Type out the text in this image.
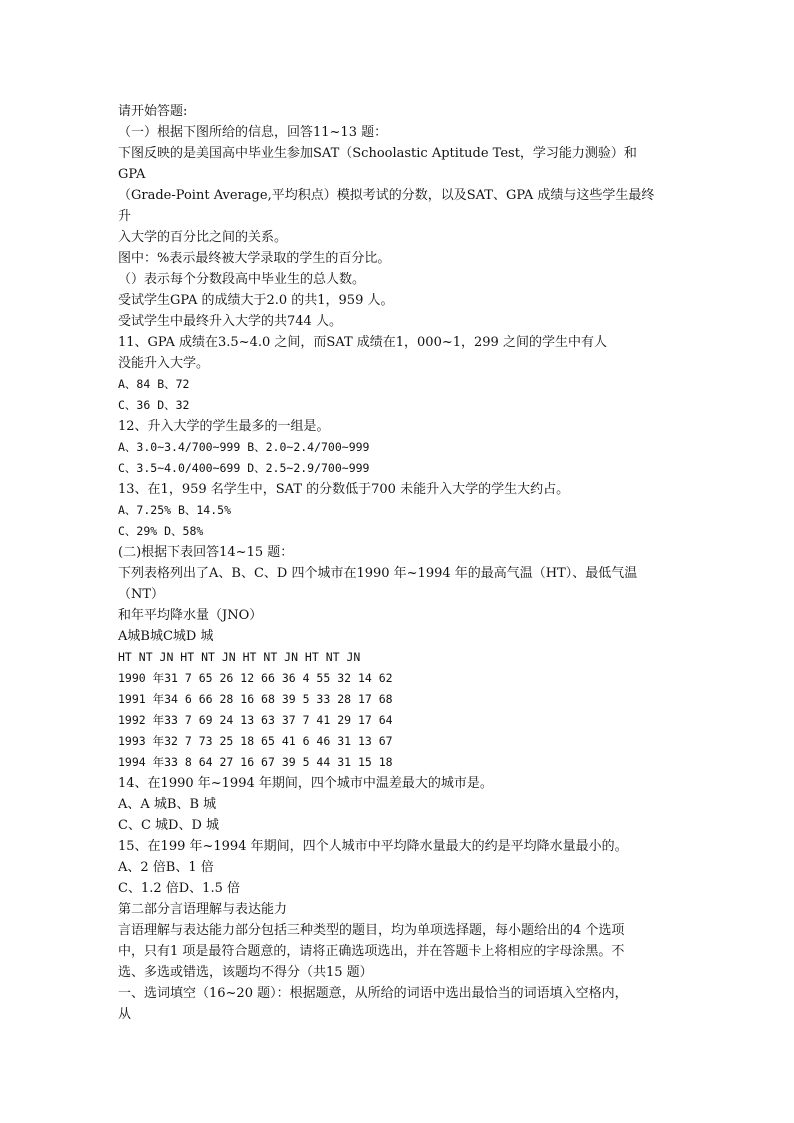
请开始答题:
（一）根据下图所给的信息，回答11~13 题：
下图反映的是美国高中毕业生参加SAT（Schoolastic Aptitude Test，学习能力测验）和
GPA
（Grade-Point Average,平均积点）模拟考试的分数，以及SAT、GPA 成绩与这些学生最终
升
入大学的百分比之间的关系。
图中：%表示最终被大学录取的学生的百分比。
（）表示每个分数段高中毕业生的总人数。
受试学生GPA 的成绩大于2.0 的共1，959 人。
受试学生中最终升入大学的共744 人。
11、GPA 成绩在3.5~4.0 之间，而SAT 成绩在1，000~1，299 之间的学生中有人
没能升入大学。
A、84 B、72
C、36 D、32
12、升入大学的学生最多的一组是。
A、3.0~3.4/700~999 B、2.0~2.4/700~999
C、3.5~4.0/400~699 D、2.5~2.9/700~999
13、在1，959 名学生中，SAT 的分数低于700 未能升入大学的学生大约占。
A、7.25% B、14.5%
C、29% D、58%
(二)根据下表回答14~15 题：
下列表格列出了A、B、C、D 四个城市在1990 年~1994 年的最高气温（HT）、最低气温
（NT）
和年平均降水量（JNO）
A城B城C城D 城
HT NT JN HT NT JN HT NT JN HT NT JN
1990 年31 7 65 26 12 66 36 4 55 32 14 62
1991 年34 6 66 28 16 68 39 5 33 28 17 68
1992 年33 7 69 24 13 63 37 7 41 29 17 64
1993 年32 7 73 25 18 65 41 6 46 31 13 67
1994 年33 8 64 27 16 67 39 5 44 31 15 18
14、在1990 年~1994 年期间，四个城市中温差最大的城市是。
A、A 城B、B 城
C、C 城D、D 城
15、在199 年~1994 年期间，四个人城市中平均降水量最大的约是平均降水量最小的。
A、2 倍B、1 倍
C、1.2 倍D、1.5 倍
第二部分言语理解与表达能力
言语理解与表达能力部分包括三种类型的题目，均为单项选择题，每小题给出的4 个选项
中，只有1 项是最符合题意的，请将正确选项选出，并在答题卡上将相应的字母涂黑。不
选、多选或错选，该题均不得分（共15 题）
一、选词填空（16~20 题）：根据题意，从所给的词语中选出最恰当的词语填入空格内，
从
